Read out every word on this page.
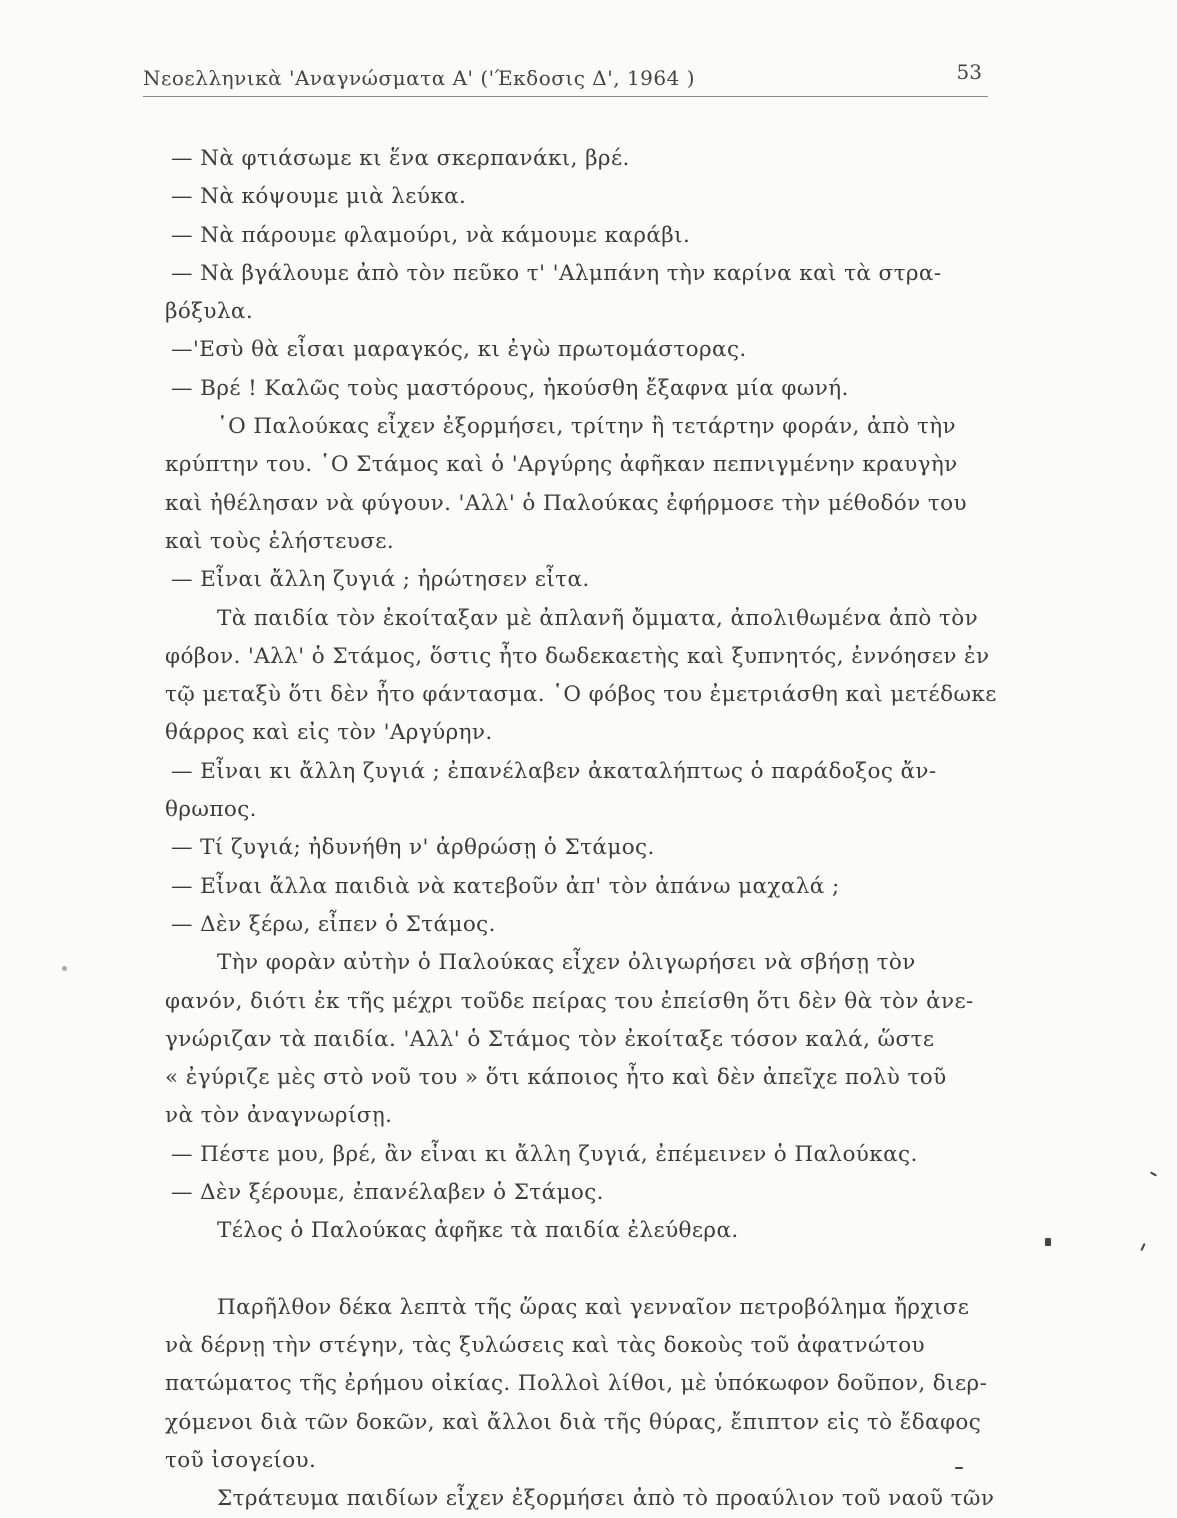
Νεοελληνικὰ 'Αναγνώσματα Α' ('Έκδοσις Δ', 1964 )	53
— Νὰ φτιάσωμε κι ἕνα σκερπανάκι, βρέ.
— Νὰ κόψουμε μιὰ λεύκα.
— Νὰ πάρουμε φλαμούρι, νὰ κάμουμε καράβι.
— Νὰ βγάλουμε ἀπὸ τὸν πεῦκο τ' 'Αλμπάνη τὴν καρίνα καὶ τὰ στρα-
βόξυλα.
—'Εσὺ θὰ εἶσαι μαραγκός, κι ἐγὼ πρωτομάστορας.
— Βρέ ! Καλῶς τοὺς μαστόρους, ἠκούσθη ἔξαφνα μία φωνή.
῾Ο Παλούκας εἶχεν ἐξορμήσει, τρίτην ἢ τετάρτην φοράν, ἀπὸ τὴν
κρύπτην του. ῾Ο Στάμος καὶ ὁ 'Αργύρης ἀφῆκαν πεπνιγμένην κραυγὴν
καὶ ἠθέλησαν νὰ φύγουν. 'Αλλ' ὁ Παλούκας ἐφήρμοσε τὴν μέθοδόν του
καὶ τοὺς ἐλήστευσε.
— Εἶναι ἄλλη ζυγιά ; ἠρώτησεν εἶτα.
Τὰ παιδία τὸν ἐκοίταξαν μὲ ἀπλανῆ ὄμματα, ἀπολιθωμένα ἀπὸ τὸν
φόβον. 'Αλλ' ὁ Στάμος, ὅστις ἦτο δωδεκαετὴς καὶ ξυπνητός, ἐννόησεν ἐν
τῷ μεταξὺ ὅτι δὲν ἦτο φάντασμα. ῾Ο φόβος του ἐμετριάσθη καὶ μετέδωκε
θάρρος καὶ εἰς τὸν 'Αργύρην.
— Εἶναι κι ἄλλη ζυγιά ; ἐπανέλαβεν ἀκαταλήπτως ὁ παράδοξος ἄν-
θρωπος.
— Τί ζυγιά; ἠδυνήθη ν' ἀρθρώσῃ ὁ Στάμος.
— Εἶναι ἄλλα παιδιὰ νὰ κατεβοῦν ἀπ' τὸν ἀπάνω μαχαλά ;
— Δὲν ξέρω, εἶπεν ὁ Στάμος.
Τὴν φορὰν αὐτὴν ὁ Παλούκας εἶχεν ὀλιγωρήσει νὰ σβήσῃ τὸν
φανόν, διότι ἐκ τῆς μέχρι τοῦδε πείρας του ἐπείσθη ὅτι δὲν θὰ τὸν ἀνε-
γνώριζαν τὰ παιδία. 'Αλλ' ὁ Στάμος τὸν ἐκοίταξε τόσον καλά, ὥστε
« ἐγύριζε μὲς στὸ νοῦ του » ὅτι κάποιος ἦτο καὶ δὲν ἀπεῖχε πολὺ τοῦ
νὰ τὸν ἀναγνωρίσῃ.
— Πέστε μου, βρέ, ἂν εἶναι κι ἄλλη ζυγιά, ἐπέμεινεν ὁ Παλούκας.
— Δὲν ξέρουμε, ἐπανέλαβεν ὁ Στάμος.
Τέλος ὁ Παλούκας ἀφῆκε τὰ παιδία ἐλεύθερα.
Παρῆλθον δέκα λεπτὰ τῆς ὥρας καὶ γενναῖον πετροβόλημα ἤρχισε
νὰ δέρνῃ τὴν στέγην, τὰς ξυλώσεις καὶ τὰς δοκοὺς τοῦ ἀφατνώτου
πατώματος τῆς ἐρήμου οἰκίας. Πολλοὶ λίθοι, μὲ ὑπόκωφον δοῦπον, διερ-
χόμενοι διὰ τῶν δοκῶν, καὶ ἄλλοι διὰ τῆς θύρας, ἔπιπτον εἰς τὸ ἔδαφος
τοῦ ἰσογείου.
Στράτευμα παιδίων εἶχεν ἐξορμήσει ἀπὸ τὸ προαύλιον τοῦ ναοῦ τῶν
